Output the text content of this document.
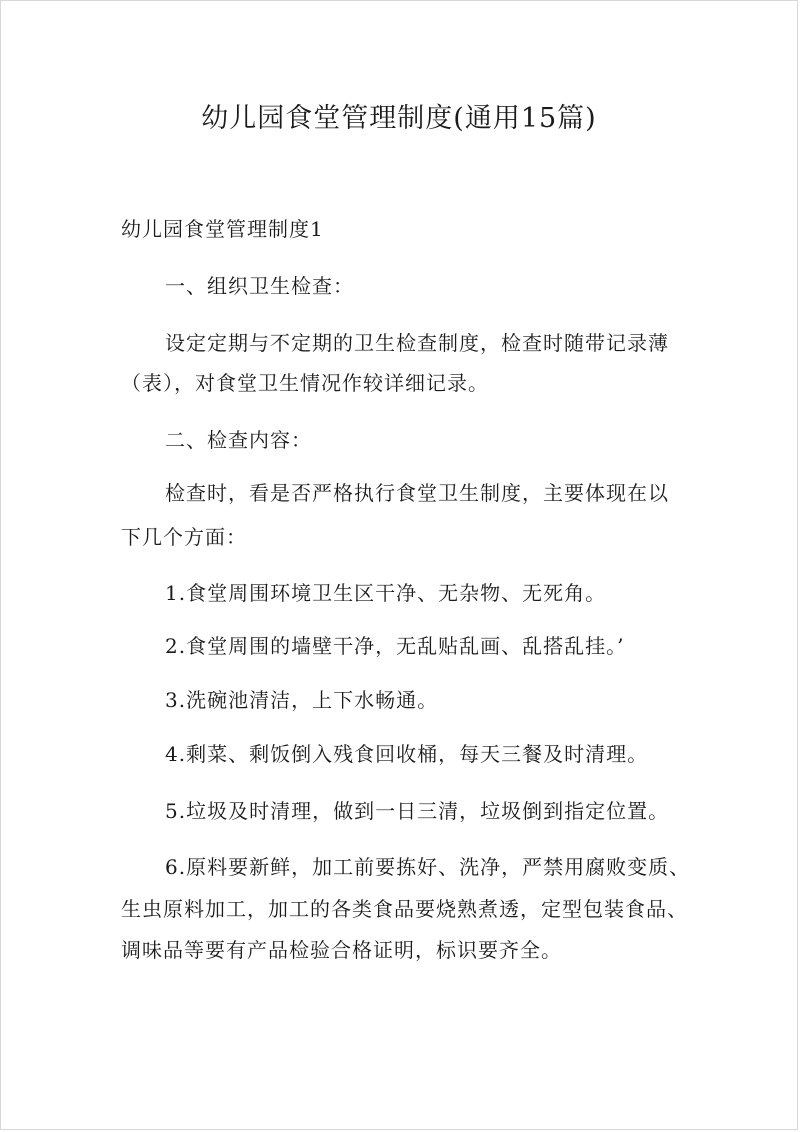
幼儿园食堂管理制度(通用15篇)
幼儿园食堂管理制度1
一、组织卫生检查：
设定定期与不定期的卫生检查制度，检查时随带记录薄
（表），对食堂卫生情况作较详细记录。
二、检查内容：
检查时，看是否严格执行食堂卫生制度，主要体现在以
下几个方面：
1.食堂周围环境卫生区干净、无杂物、无死角。
2.食堂周围的墙壁干净，无乱贴乱画、乱搭乱挂。’
3.洗碗池清洁，上下水畅通。
4.剩菜、剩饭倒入残食回收桶，每天三餐及时清理。
5.垃圾及时清理，做到一日三清，垃圾倒到指定位置。
6.原料要新鲜，加工前要拣好、洗净，严禁用腐败变质、
生虫原料加工，加工的各类食品要烧熟煮透，定型包装食品、
调味品等要有产品检验合格证明，标识要齐全。
